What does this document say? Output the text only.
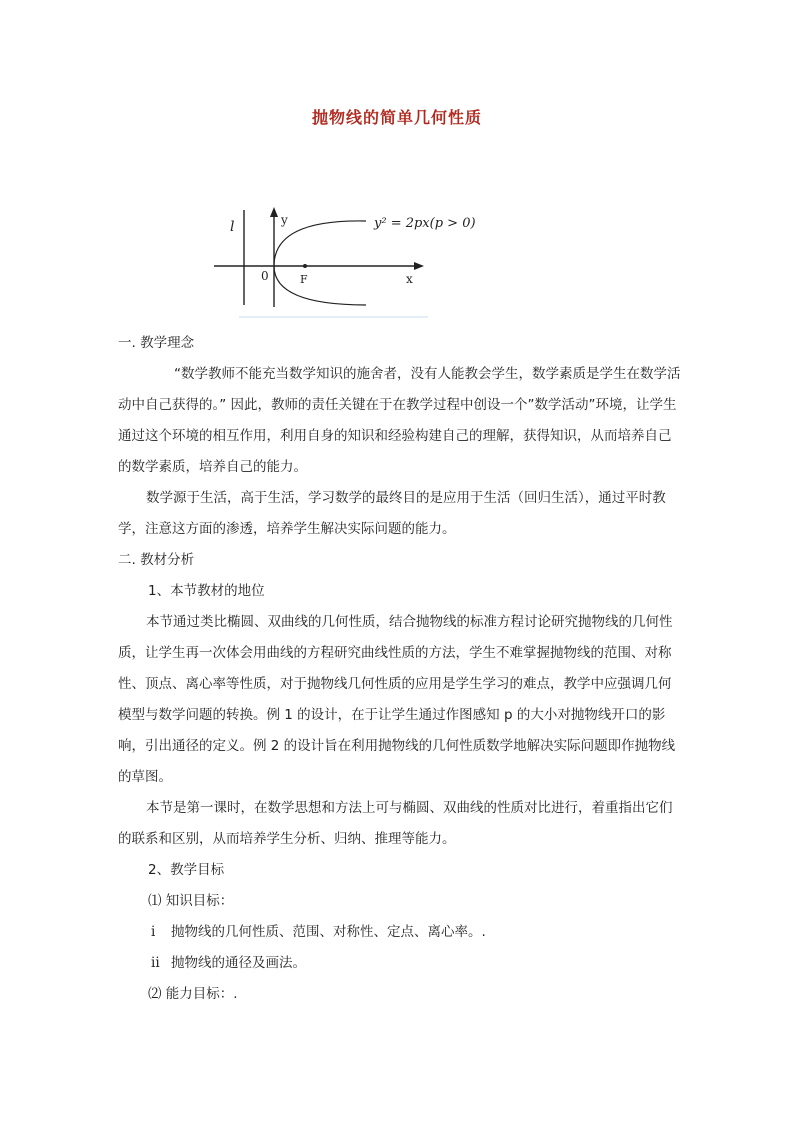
抛物线的简单几何性质
l	y
0	F	x
y² = 2px(p > 0)

一. 教学理念

“数学教师不能充当数学知识的施舍者，没有人能教会学生，数学素质是学生在数学活动中自己获得的。” 因此，教师的责任关键在于在教学过程中创设一个”数学活动”环境，让学生通过这个环境的相互作用，利用自身的知识和经验构建自己的理解，获得知识，从而培养自己的数学素质，培养自己的能力。

数学源于生活，高于生活，学习数学的最终目的是应用于生活（回归生活），通过平时教学，注意这方面的渗透，培养学生解决实际问题的能力。

二. 教材分析

1、本节教材的地位

本节通过类比椭圆、双曲线的几何性质，结合抛物线的标准方程讨论研究抛物线的几何性质，让学生再一次体会用曲线的方程研究曲线性质的方法，学生不难掌握抛物线的范围、对称性、顶点、离心率等性质，对于抛物线几何性质的应用是学生学习的难点，教学中应强调几何模型与数学问题的转换。例 1 的设计，在于让学生通过作图感知 p 的大小对抛物线开口的影响，引出通径的定义。例 2 的设计旨在利用抛物线的几何性质数学地解决实际问题即作抛物线的草图。

本节是第一课时，在数学思想和方法上可与椭圆、双曲线的性质对比进行，着重指出它们的联系和区别，从而培养学生分析、归纳、推理等能力。

2、教学目标

⑴ 知识目标：

i 抛物线的几何性质、范围、对称性、定点、离心率。.

ii 抛物线的通径及画法。

⑵ 能力目标：.
